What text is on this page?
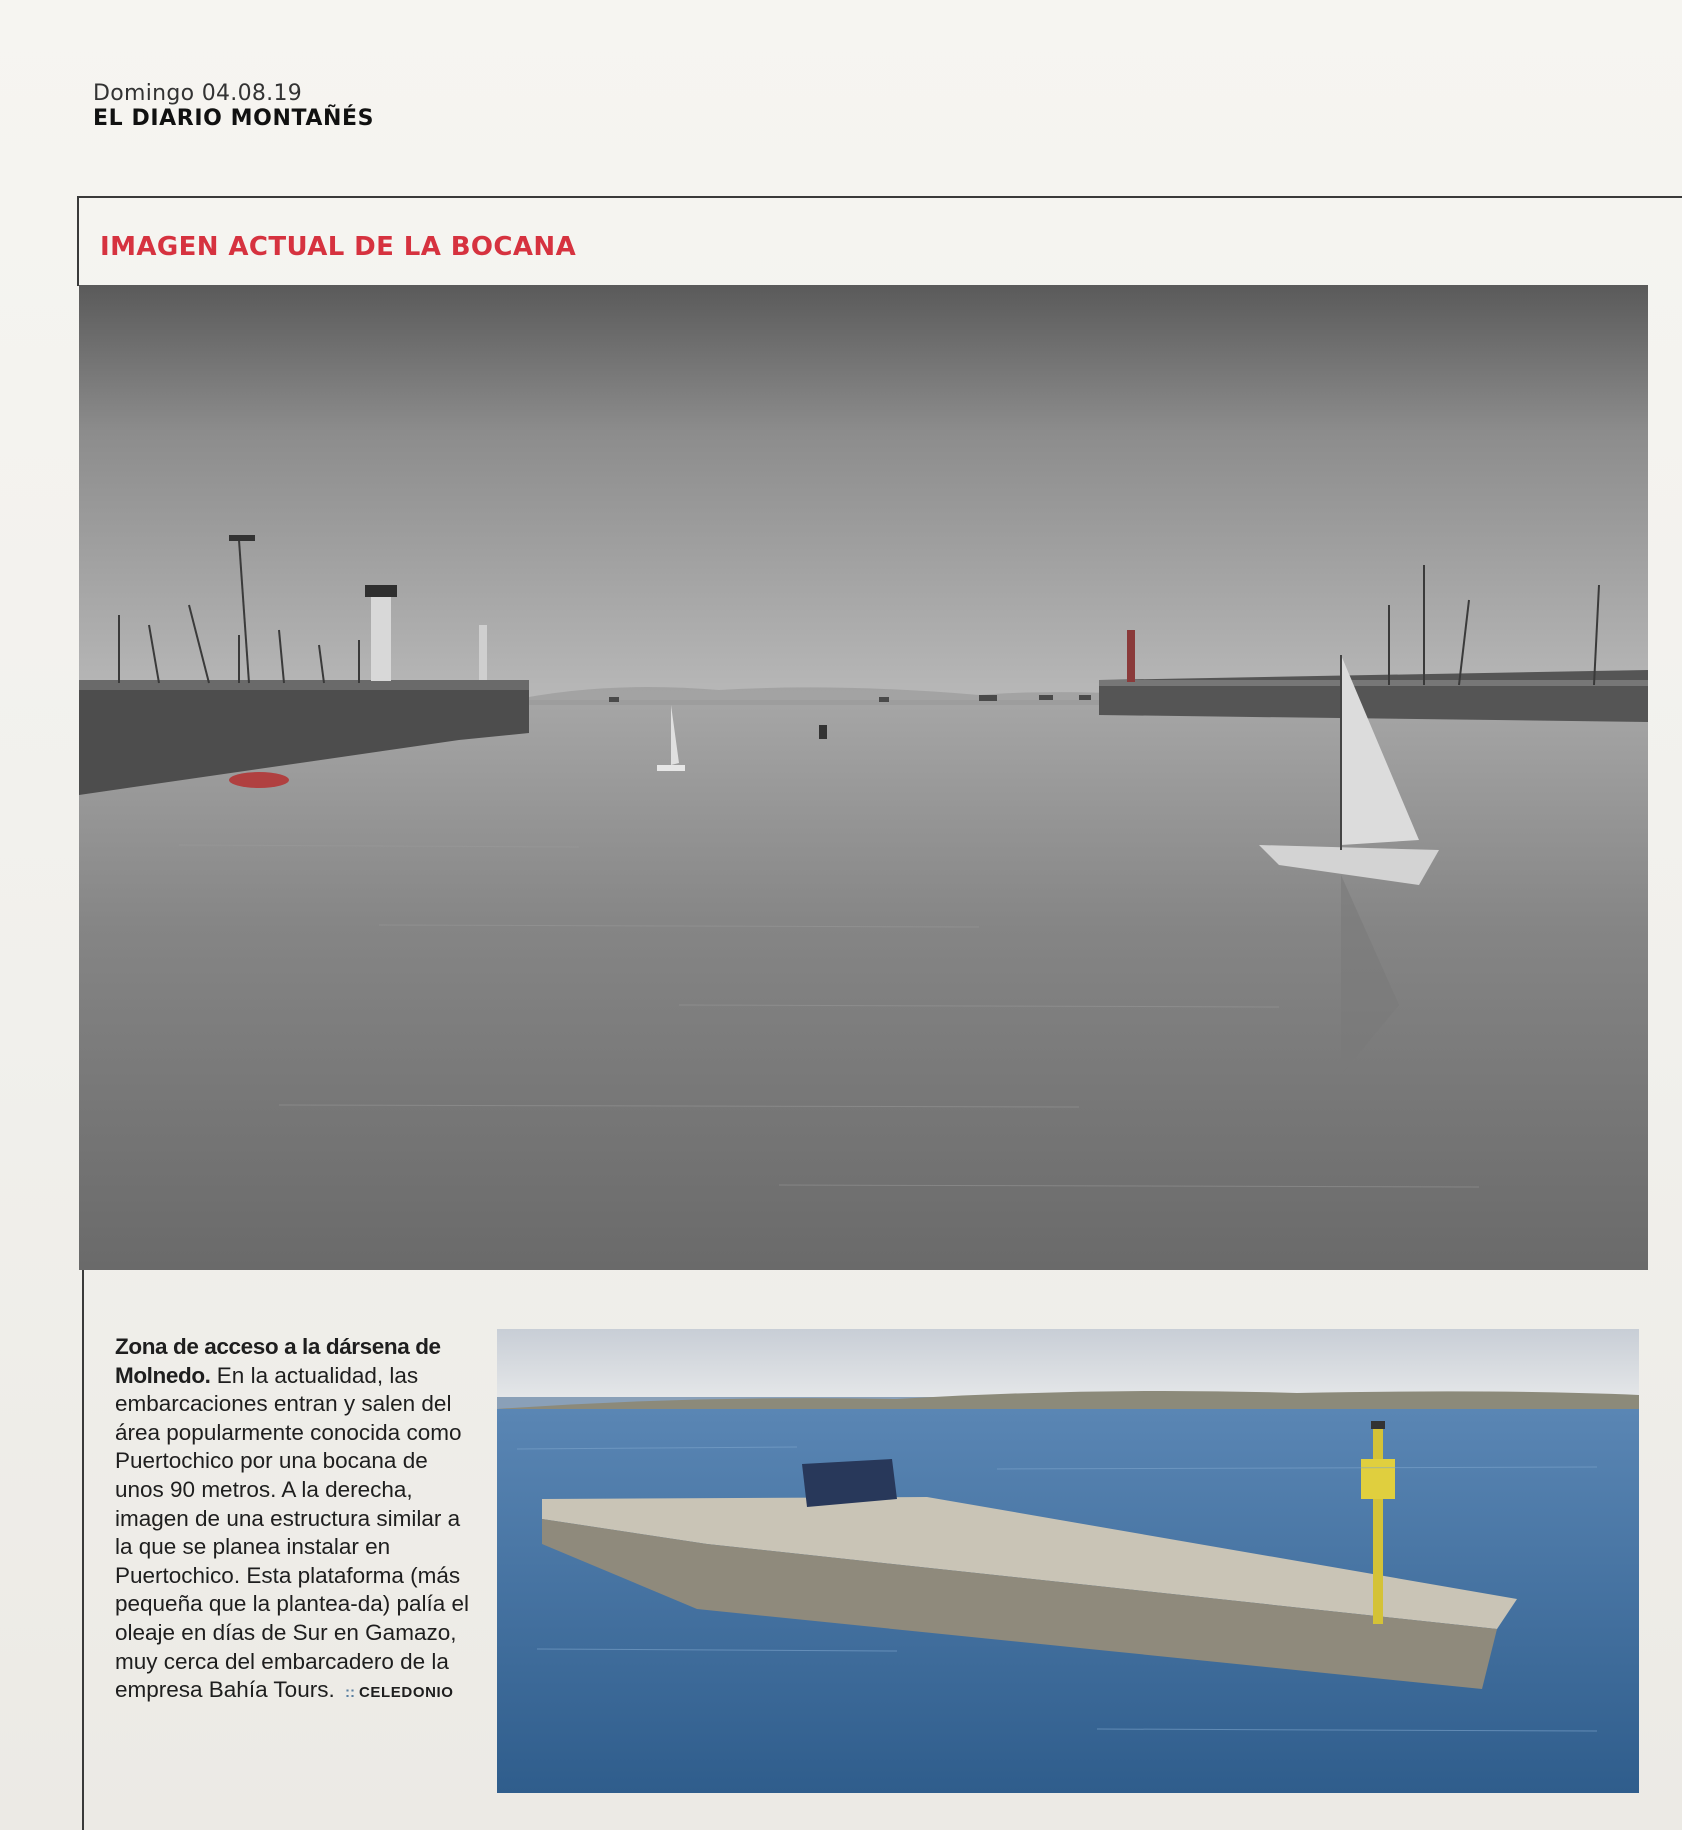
Domingo 04.08.19
EL DIARIO MONTAÑÉS
IMAGEN ACTUAL DE LA BOCANA
Zona de acceso a la dársena de Molnedo. En la actualidad, las embarcaciones entran y salen del área popularmente conocida como Puertochico por una bocana de unos 90 metros. A la derecha, imagen de una estructura similar a la que se planea instalar en Puertochico. Esta plataforma (más pequeña que la plantea-da) palía el oleaje en días de Sur en Gamazo, muy cerca del embarcadero de la empresa Bahía Tours. :: CELEDONIO
